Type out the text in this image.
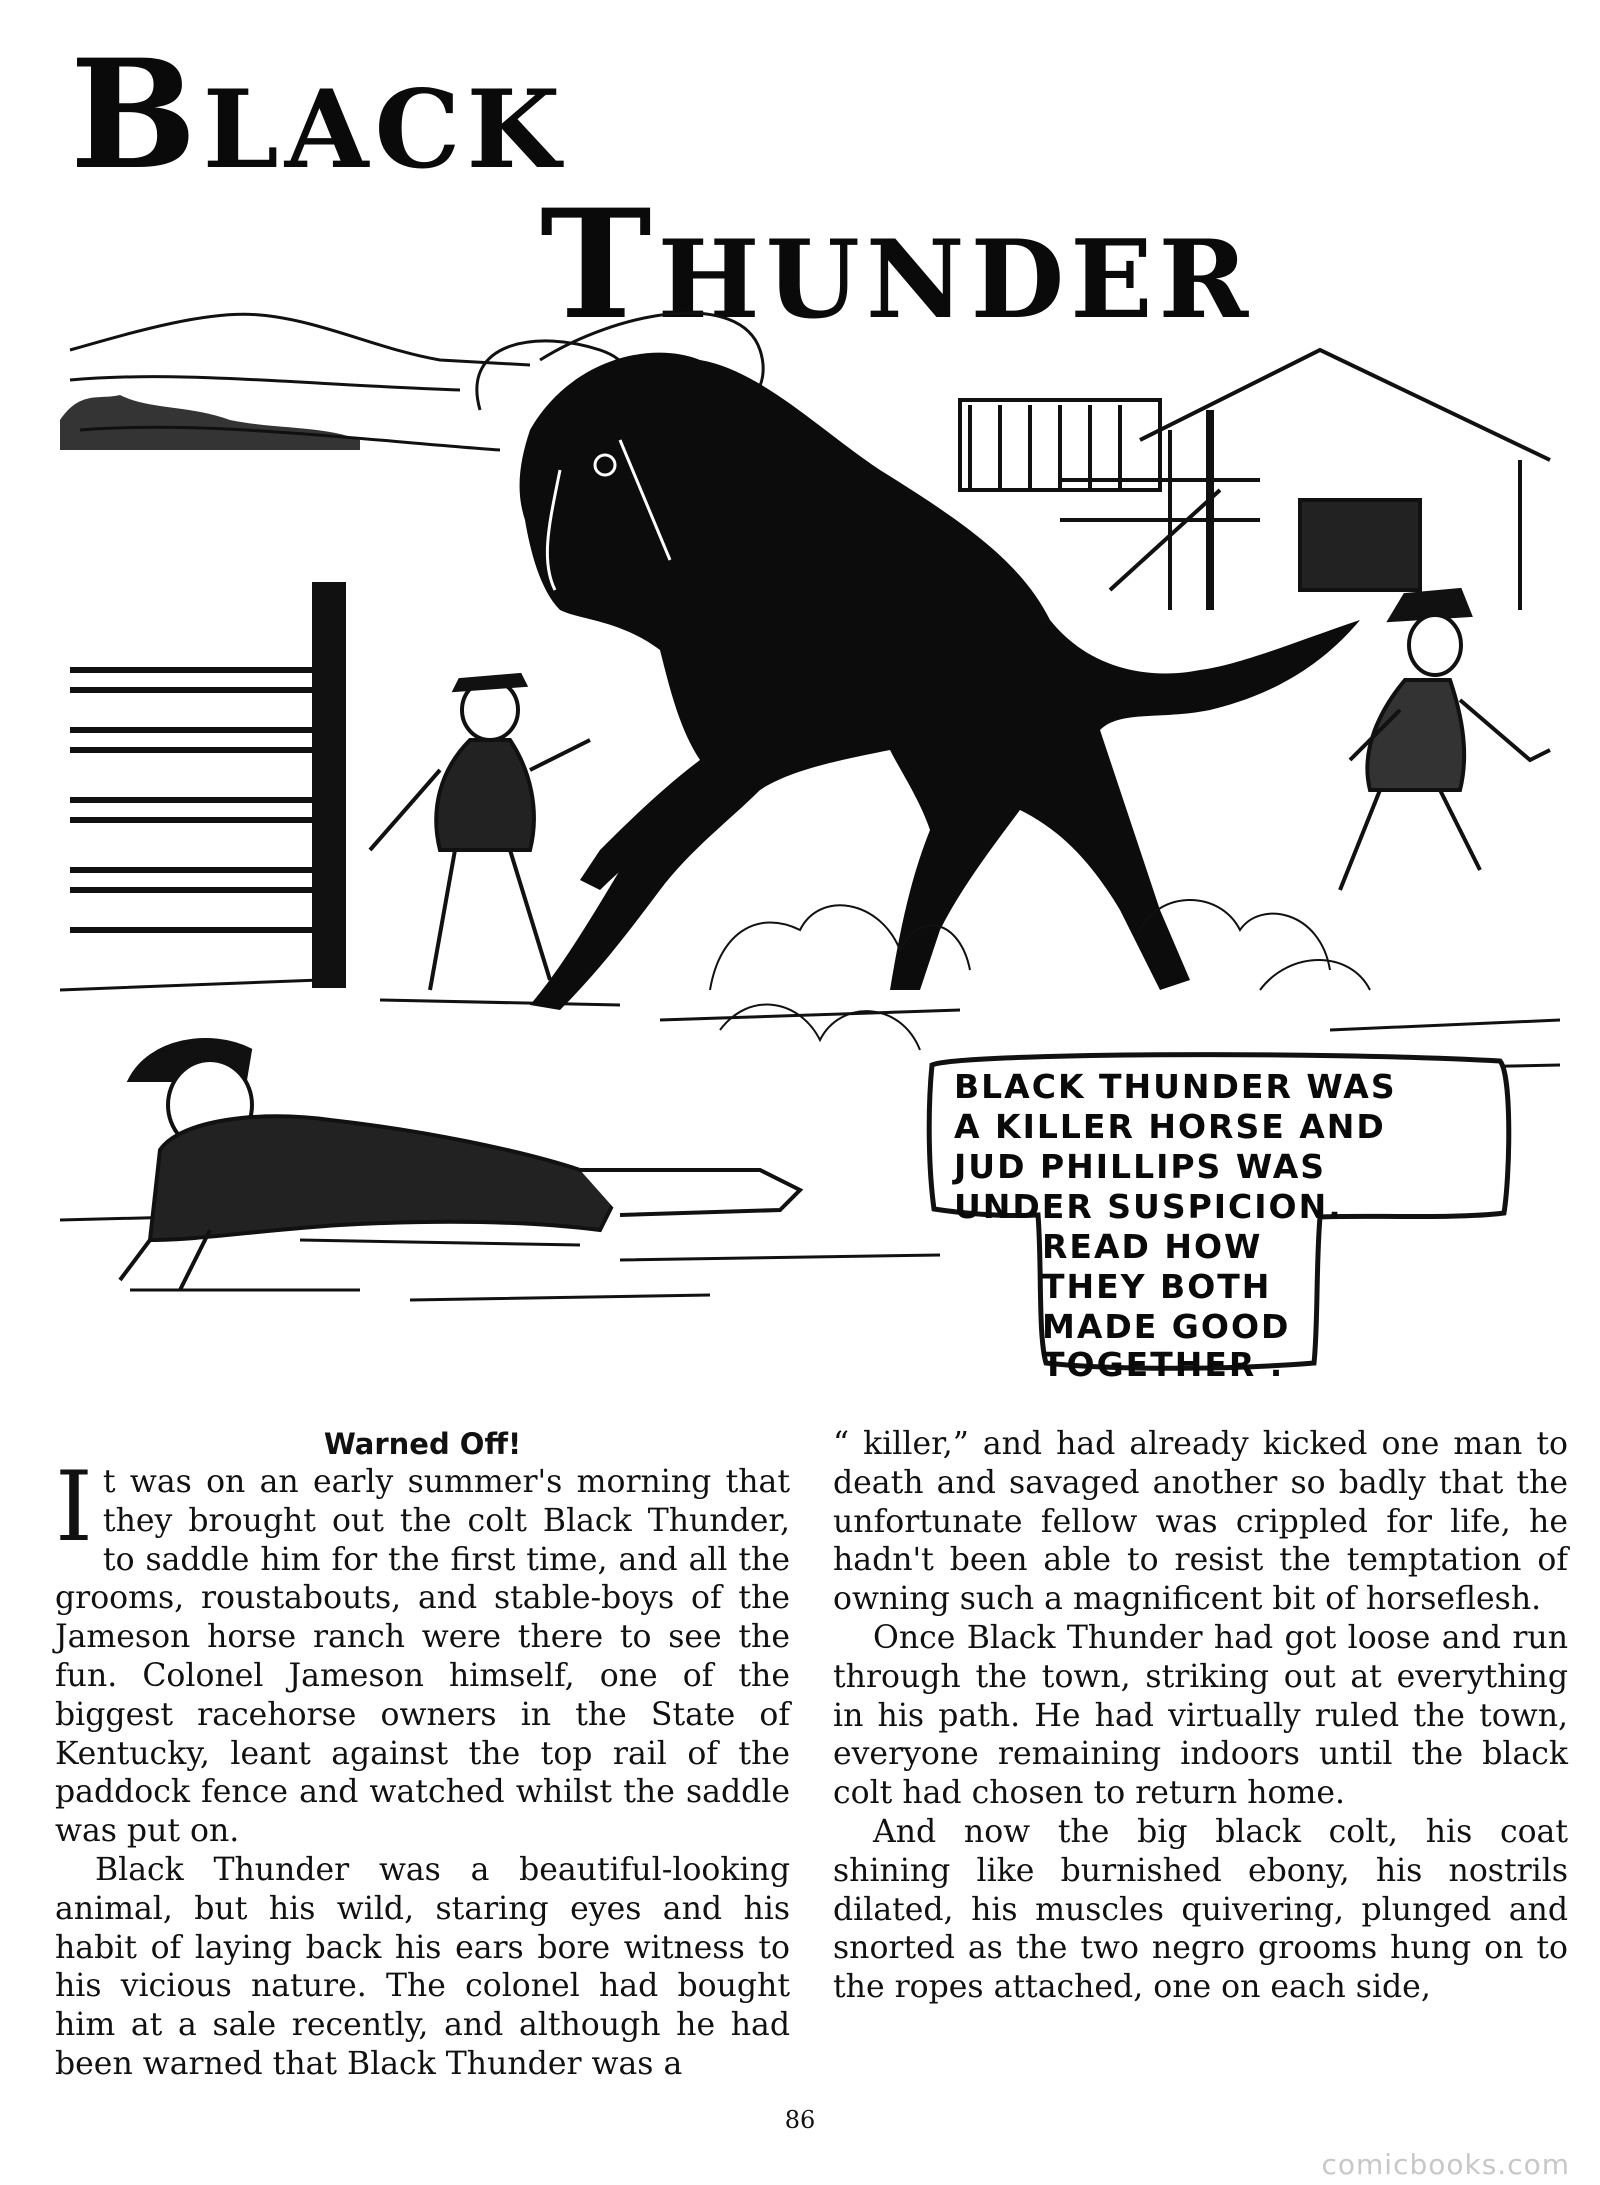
BLACK
THUNDER
BLACK THUNDER WAS
A KILLER HORSE AND
JUD PHILLIPS WAS
UNDER SUSPICION.
READ HOW
THEY BOTH
MADE GOOD
TOGETHER .

Warned Off!

It was on an early summer's morning that they brought out the colt Black Thunder, to saddle him for the first time, and all the grooms, roustabouts, and stable-boys of the Jameson horse ranch were there to see the fun. Colonel Jameson himself, one of the biggest racehorse owners in the State of Kentucky, leant against the top rail of the paddock fence and watched whilst the saddle was put on.

Black Thunder was a beautiful-looking animal, but his wild, staring eyes and his habit of laying back his ears bore witness to his vicious nature. The colonel had bought him at a sale recently, and although he had been warned that Black Thunder was a

“ killer,” and had already kicked one man to death and savaged another so badly that the unfortunate fellow was crippled for life, he hadn't been able to resist the temptation of owning such a magnificent bit of horseflesh.

Once Black Thunder had got loose and run through the town, striking out at everything in his path. He had virtually ruled the town, everyone remaining indoors until the black colt had chosen to return home.

And now the big black colt, his coat shining like burnished ebony, his nostrils dilated, his muscles quivering, plunged and snorted as the two negro grooms hung on to the ropes attached, one on each side,

86
comicbooks.com
